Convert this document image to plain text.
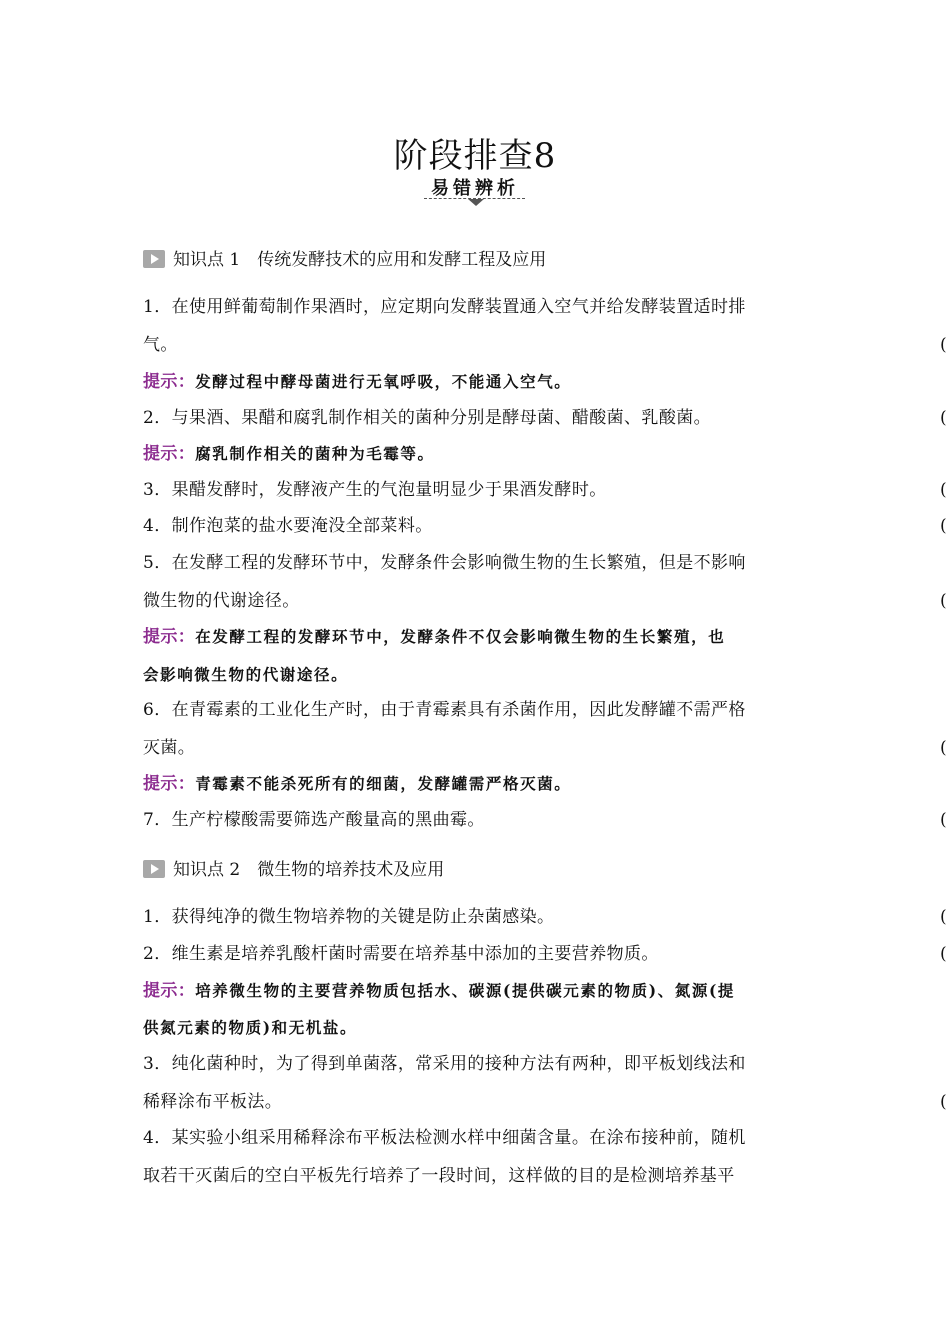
阶段排查8
易错辨析
知识点 1　传统发酵技术的应用和发酵工程及应用
1．在使用鲜葡萄制作果酒时，应定期向发酵装置通入空气并给发酵装置适时排
气。	(
提示：发酵过程中酵母菌进行无氧呼吸，不能通入空气。
2．与果酒、果醋和腐乳制作相关的菌种分别是酵母菌、醋酸菌、乳酸菌。	(
提示：腐乳制作相关的菌种为毛霉等。
3．果醋发酵时，发酵液产生的气泡量明显少于果酒发酵时。	(
4．制作泡菜的盐水要淹没全部菜料。	(
5．在发酵工程的发酵环节中，发酵条件会影响微生物的生长繁殖，但是不影响
微生物的代谢途径。	(
提示：在发酵工程的发酵环节中，发酵条件不仅会影响微生物的生长繁殖，也
会影响微生物的代谢途径。
6．在青霉素的工业化生产时，由于青霉素具有杀菌作用，因此发酵罐不需严格
灭菌。	(
提示：青霉素不能杀死所有的细菌，发酵罐需严格灭菌。
7．生产柠檬酸需要筛选产酸量高的黑曲霉。	(
知识点 2　微生物的培养技术及应用
1．获得纯净的微生物培养物的关键是防止杂菌感染。	(
2．维生素是培养乳酸杆菌时需要在培养基中添加的主要营养物质。	(
提示：培养微生物的主要营养物质包括水、碳源(提供碳元素的物质)、氮源(提
供氮元素的物质)和无机盐。
3．纯化菌种时，为了得到单菌落，常采用的接种方法有两种，即平板划线法和
稀释涂布平板法。	(
4．某实验小组采用稀释涂布平板法检测水样中细菌含量。在涂布接种前，随机
取若干灭菌后的空白平板先行培养了一段时间，这样做的目的是检测培养基平
